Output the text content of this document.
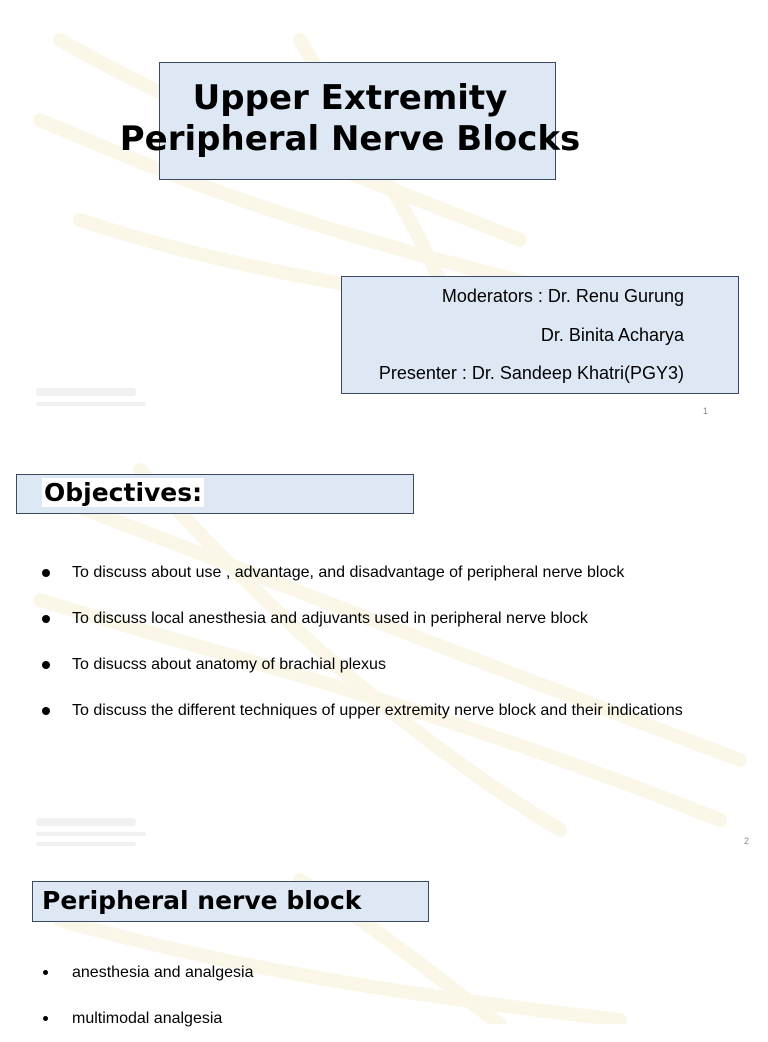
Upper Extremity
Peripheral Nerve Blocks
Moderators : Dr. Renu Gurung
Dr. Binita Acharya
Presenter : Dr. Sandeep Khatri(PGY3)
1
Objectives:
To discuss about use , advantage, and disadvantage of peripheral nerve block
To discuss local anesthesia and adjuvants used in peripheral nerve block
To disucss about anatomy of brachial plexus
To discuss the different techniques of upper extremity nerve block and their indications
2
Peripheral nerve block
anesthesia and analgesia
multimodal analgesia
